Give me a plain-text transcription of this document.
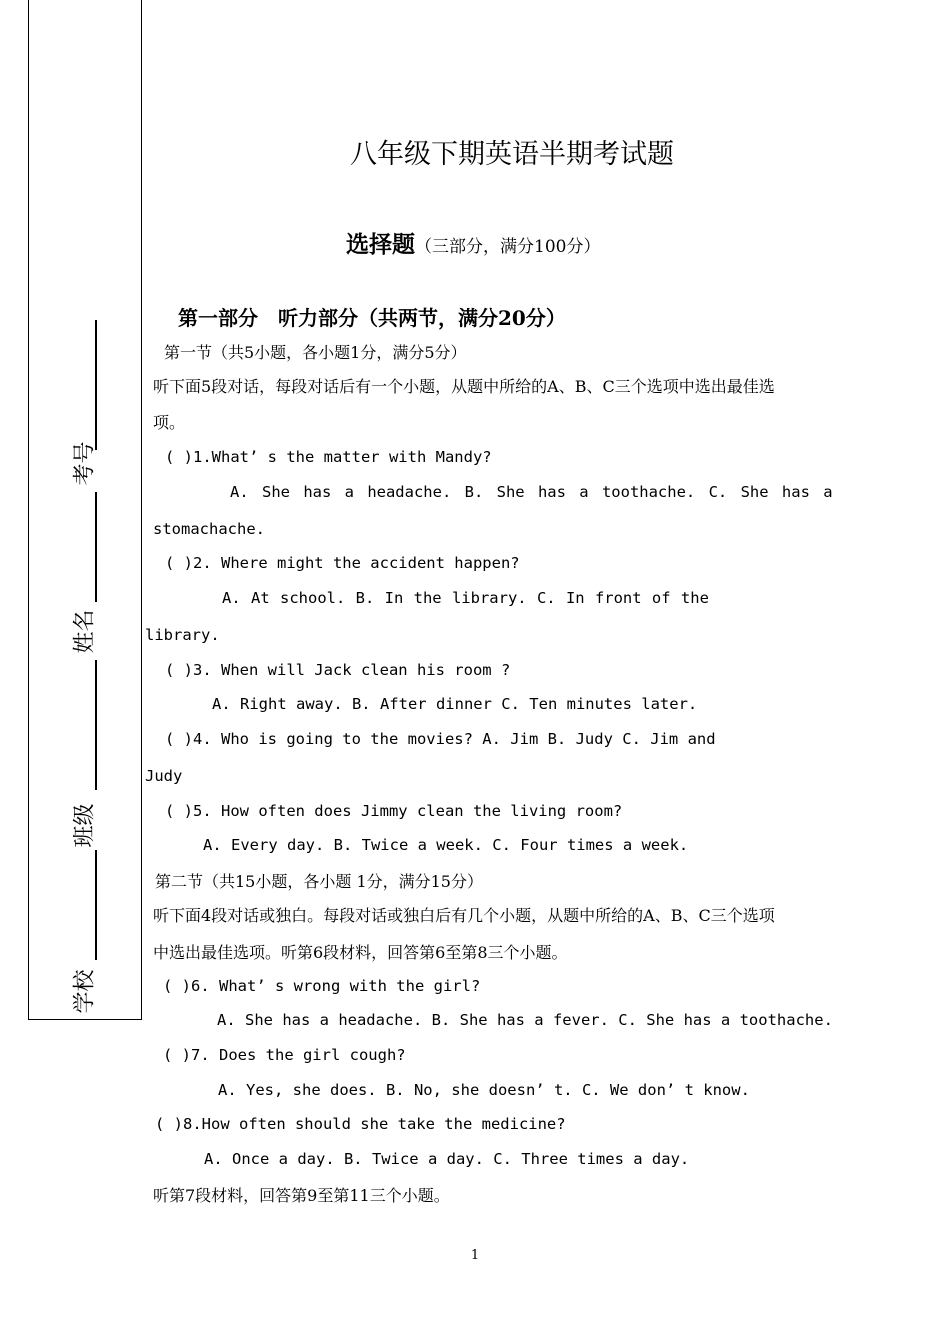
考号
姓名
班级
学校
八年级下期英语半期考试题
选择题（三部分，满分100分）
第一部分　听力部分（共两节，满分20分）
第一节（共5小题，各小题1分，满分5分）
听下面5段对话，每段对话后有一个小题，从题中所给的A、B、C三个选项中选出最佳选
项。
( )1.What’ s the matter with Mandy?
A. She has a headache. B. She has a toothache. C. She has a
stomachache.
( )2. Where might the accident happen?
A. At school. B. In the library. C. In front of the
library.
( )3. When will Jack clean his room ?
A. Right away. B. After dinner C. Ten minutes later.
( )4. Who is going to the movies? A. Jim B. Judy C. Jim and
Judy
( )5. How often does Jimmy clean the living room?
A. Every day. B. Twice a week. C. Four times a week.
第二节（共15小题，各小题 1分，满分15分）
听下面4段对话或独白。每段对话或独白后有几个小题，从题中所给的A、B、C三个选项
中选出最佳选项。听第6段材料，回答第6至第8三个小题。
( )6. What’ s wrong with the girl?
A. She has a headache. B. She has a fever. C. She has a toothache.
( )7. Does the girl cough?
A. Yes, she does. B. No, she doesn’ t. C. We don’ t know.
( )8.How often should she take the medicine?
A. Once a day. B. Twice a day. C. Three times a day.
听第7段材料，回答第9至第11三个小题。
1
